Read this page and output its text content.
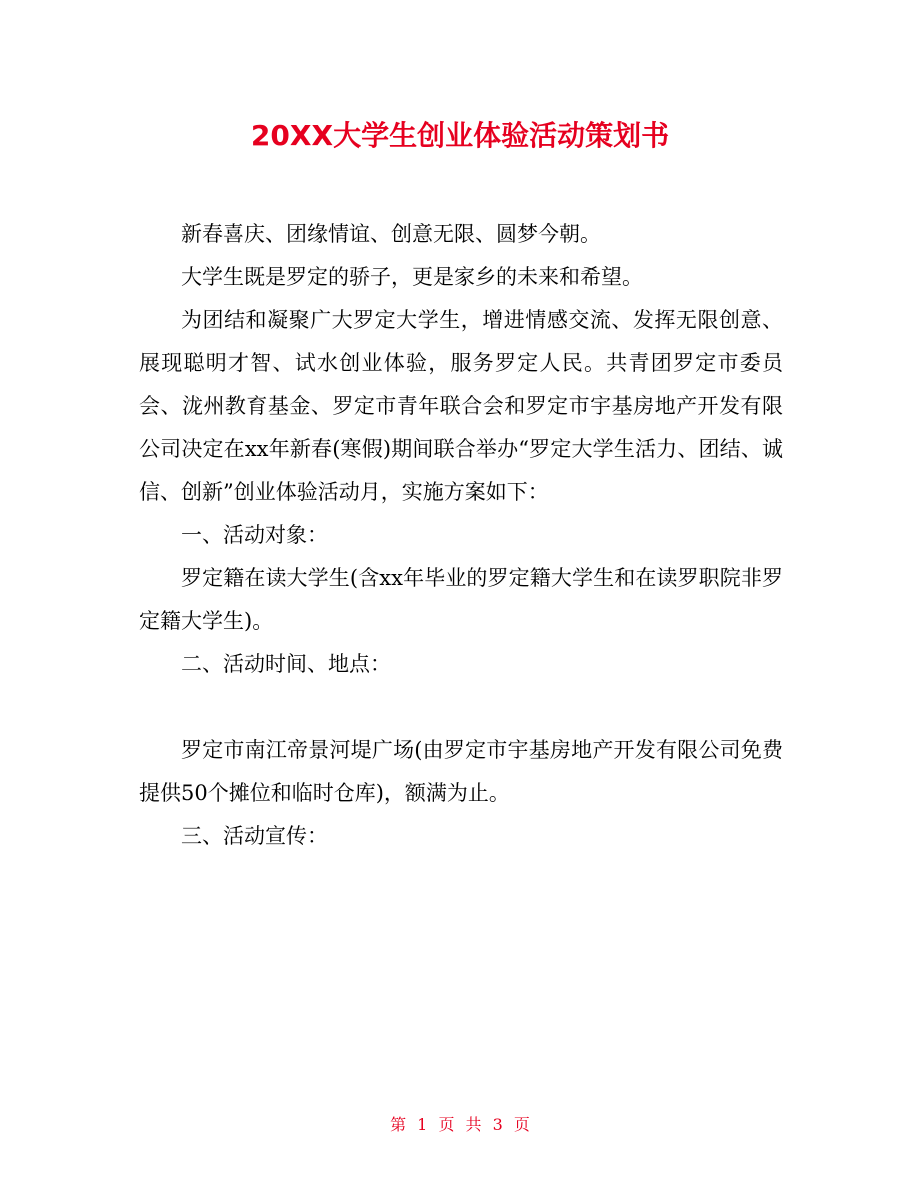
20XX大学生创业体验活动策划书

新春喜庆、团缘情谊、创意无限、圆梦今朝。

大学生既是罗定的骄子，更是家乡的未来和希望。

为团结和凝聚广大罗定大学生，增进情感交流、发挥无限创意、展现聪明才智、试水创业体验，服务罗定人民。共青团罗定市委员会、泷州教育基金、罗定市青年联合会和罗定市宇基房地产开发有限公司决定在xx年新春(寒假)期间联合举办“罗定大学生活力、团结、诚信、创新”创业体验活动月，实施方案如下：

一、活动对象：

罗定籍在读大学生(含xx年毕业的罗定籍大学生和在读罗职院非罗定籍大学生)。

二、活动时间、地点：

罗定市南江帝景河堤广场(由罗定市宇基房地产开发有限公司免费提供50个摊位和临时仓库)，额满为止。

三、活动宣传：

第 1 页 共 3 页
